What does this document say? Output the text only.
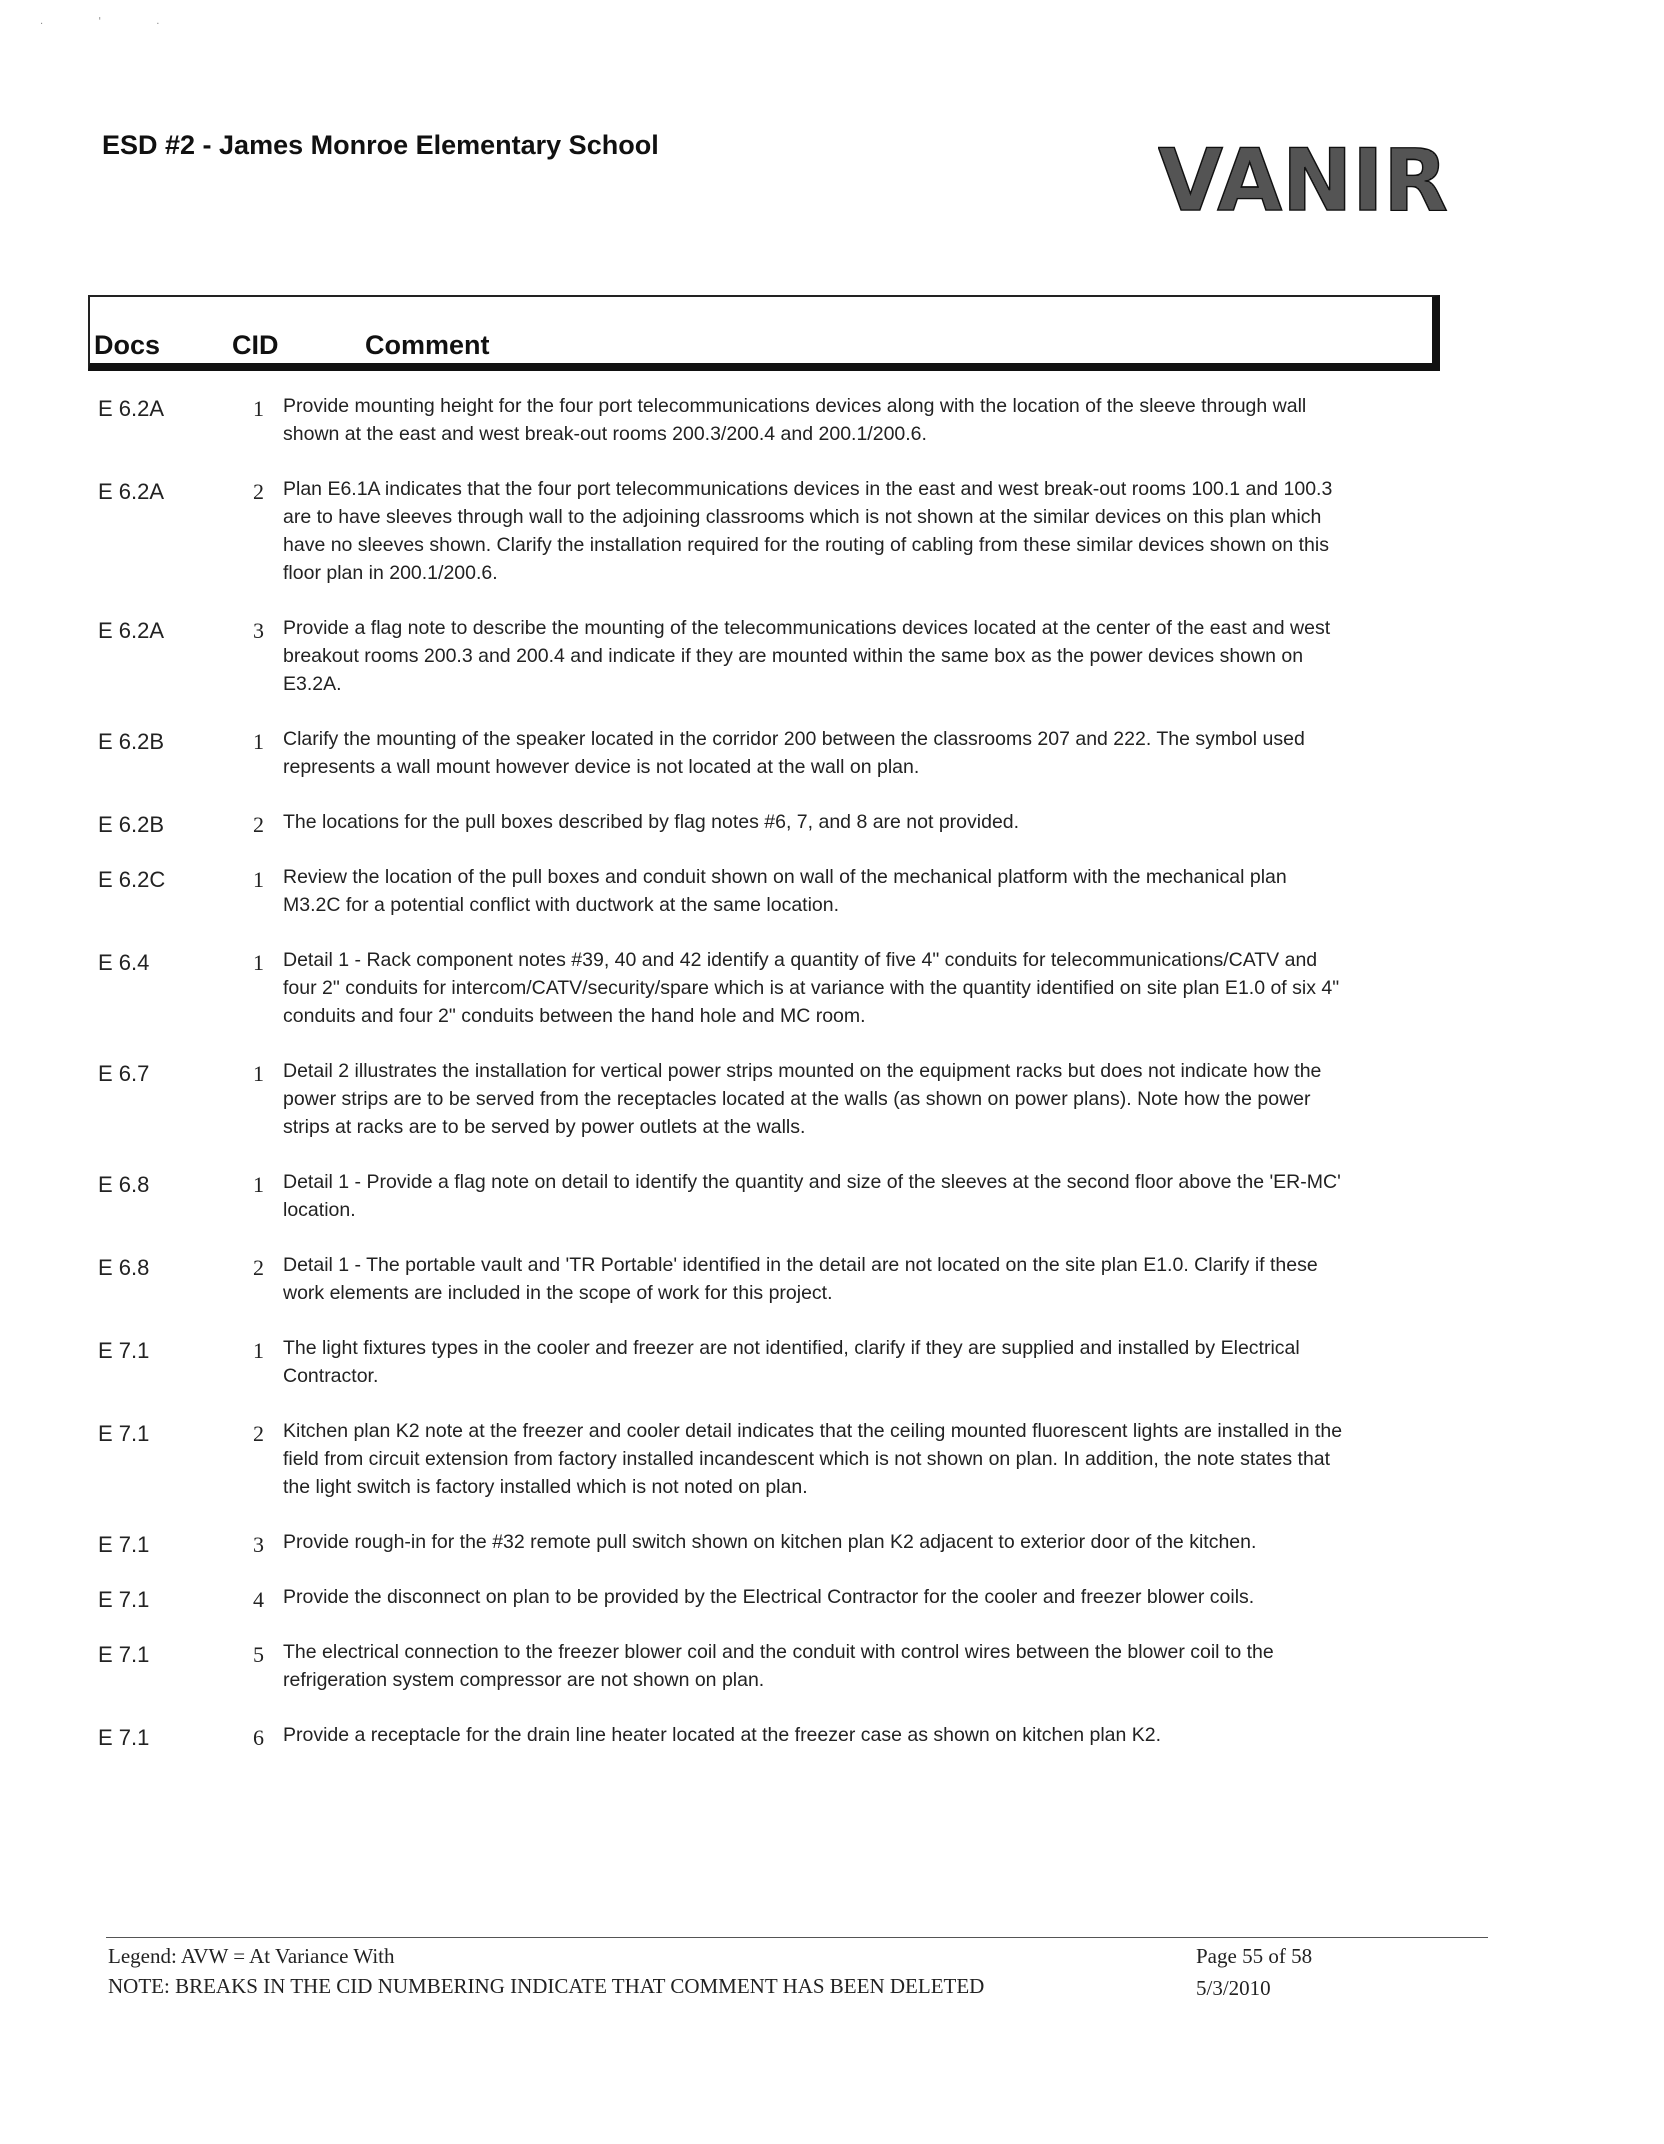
. ' .
ESD #2 - James Monroe Elementary School	VANIR
Docs	CID	Comment
E 6.2A	1 Provide mounting height for the four port telecommunications devices along with the location of the sleeve through wall shown at the east and west break-out rooms 200.3/200.4 and 200.1/200.6.
E 6.2A	2 Plan E6.1A indicates that the four port telecommunications devices in the east and west break-out rooms 100.1 and 100.3 are to have sleeves through wall to the adjoining classrooms which is not shown at the similar devices on this plan which have no sleeves shown. Clarify the installation required for the routing of cabling from these similar devices shown on this floor plan in 200.1/200.6.
E 6.2A	3 Provide a flag note to describe the mounting of the telecommunications devices located at the center of the east and west breakout rooms 200.3 and 200.4 and indicate if they are mounted within the same box as the power devices shown on E3.2A.
E 6.2B	1 Clarify the mounting of the speaker located in the corridor 200 between the classrooms 207 and 222. The symbol used represents a wall mount however device is not located at the wall on plan.
E 6.2B	2 The locations for the pull boxes described by flag notes #6, 7, and 8 are not provided.
E 6.2C	1 Review the location of the pull boxes and conduit shown on wall of the mechanical platform with the mechanical plan M3.2C for a potential conflict with ductwork at the same location.
E 6.4	1 Detail 1 - Rack component notes #39, 40 and 42 identify a quantity of five 4" conduits for telecommunications/CATV and four 2" conduits for intercom/CATV/security/spare which is at variance with the quantity identified on site plan E1.0 of six 4" conduits and four 2" conduits between the hand hole and MC room.
E 6.7	1 Detail 2 illustrates the installation for vertical power strips mounted on the equipment racks but does not indicate how the power strips are to be served from the receptacles located at the walls (as shown on power plans). Note how the power strips at racks are to be served by power outlets at the walls.
E 6.8	1 Detail 1 - Provide a flag note on detail to identify the quantity and size of the sleeves at the second floor above the 'ER-MC' location.
E 6.8	2 Detail 1 - The portable vault and 'TR Portable' identified in the detail are not located on the site plan E1.0. Clarify if these work elements are included in the scope of work for this project.
E 7.1	1 The light fixtures types in the cooler and freezer are not identified, clarify if they are supplied and installed by Electrical Contractor.
E 7.1	2 Kitchen plan K2 note at the freezer and cooler detail indicates that the ceiling mounted fluorescent lights are installed in the field from circuit extension from factory installed incandescent which is not shown on plan. In addition, the note states that the light switch is factory installed which is not noted on plan.
E 7.1	3 Provide rough-in for the #32 remote pull switch shown on kitchen plan K2 adjacent to exterior door of the kitchen.
E 7.1	4 Provide the disconnect on plan to be provided by the Electrical Contractor for the cooler and freezer blower coils.
E 7.1	5 The electrical connection to the freezer blower coil and the conduit with control wires between the blower coil to the refrigeration system compressor are not shown on plan.
E 7.1	6 Provide a receptacle for the drain line heater located at the freezer case as shown on kitchen plan K2.
Legend: AVW = At Variance With
NOTE: BREAKS IN THE CID NUMBERING INDICATE THAT COMMENT HAS BEEN DELETED
Page 55 of 58
5/3/2010
